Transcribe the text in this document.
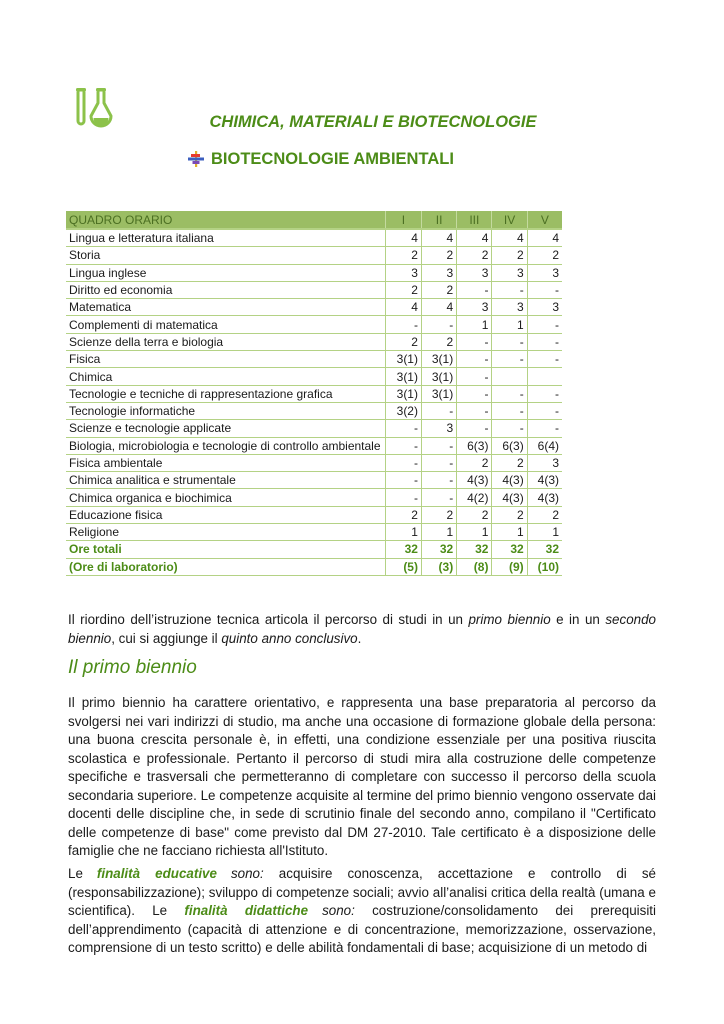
CHIMICA, MATERIALI E BIOTECNOLOGIE
BIOTECNOLOGIE AMBIENTALI
QUADRO ORARIO	I	II	III	IV	V
Lingua e letteratura italiana	4	4	4	4	4
Storia	2	2	2	2	2
Lingua inglese	3	3	3	3	3
Diritto ed economia	2	2	-	-	-
Matematica	4	4	3	3	3
Complementi di matematica	-	-	1	1	-
Scienze della terra e biologia	2	2	-	-	-
Fisica	3(1)	3(1)	-	-	-
Chimica	3(1)	3(1)	-		
Tecnologie e tecniche di rappresentazione grafica	3(1)	3(1)	-	-	-
Tecnologie informatiche	3(2)	-	-	-	-
Scienze e tecnologie applicate	-	3	-	-	-
Biologia, microbiologia e tecnologie di controllo ambientale	-	-	6(3)	6(3)	6(4)
Fisica ambientale	-	-	2	2	3
Chimica analitica e strumentale	-	-	4(3)	4(3)	4(3)
Chimica organica e biochimica	-	-	4(2)	4(3)	4(3)
Educazione fisica	2	2	2	2	2
Religione	1	1	1	1	1
Ore totali	32	32	32	32	32
(Ore di laboratorio)	(5)	(3)	(8)	(9)	(10)

Il riordino dell’istruzione tecnica articola il percorso di studi in un primo biennio e in un secondo biennio, cui si aggiunge il quinto anno conclusivo.

Il primo biennio

Il primo biennio ha carattere orientativo, e rappresenta una base preparatoria al percorso da svolgersi nei vari indirizzi di studio, ma anche una occasione di formazione globale della persona: una buona crescita personale è, in effetti, una condizione essenziale per una positiva riuscita scolastica e professionale. Pertanto il percorso di studi mira alla costruzione delle competenze specifiche e trasversali che permetteranno di completare con successo il percorso della scuola secondaria superiore. Le competenze acquisite al termine del primo biennio vengono osservate dai docenti delle discipline che, in sede di scrutinio finale del secondo anno, compilano il "Certificato delle competenze di base" come previsto dal DM 27-2010. Tale certificato è a disposizione delle famiglie che ne facciano richiesta all'Istituto.

Le finalità educative sono: acquisire conoscenza, accettazione e controllo di sé (responsabilizzazione); sviluppo di competenze sociali; avvio all’analisi critica della realtà (umana e scientifica). Le finalità didattiche sono: costruzione/consolidamento dei prerequisiti dell’apprendimento (capacità di attenzione e di concentrazione, memorizzazione, osservazione, comprensione di un testo scritto) e delle abilità fondamentali di base; acquisizione di un metodo di
